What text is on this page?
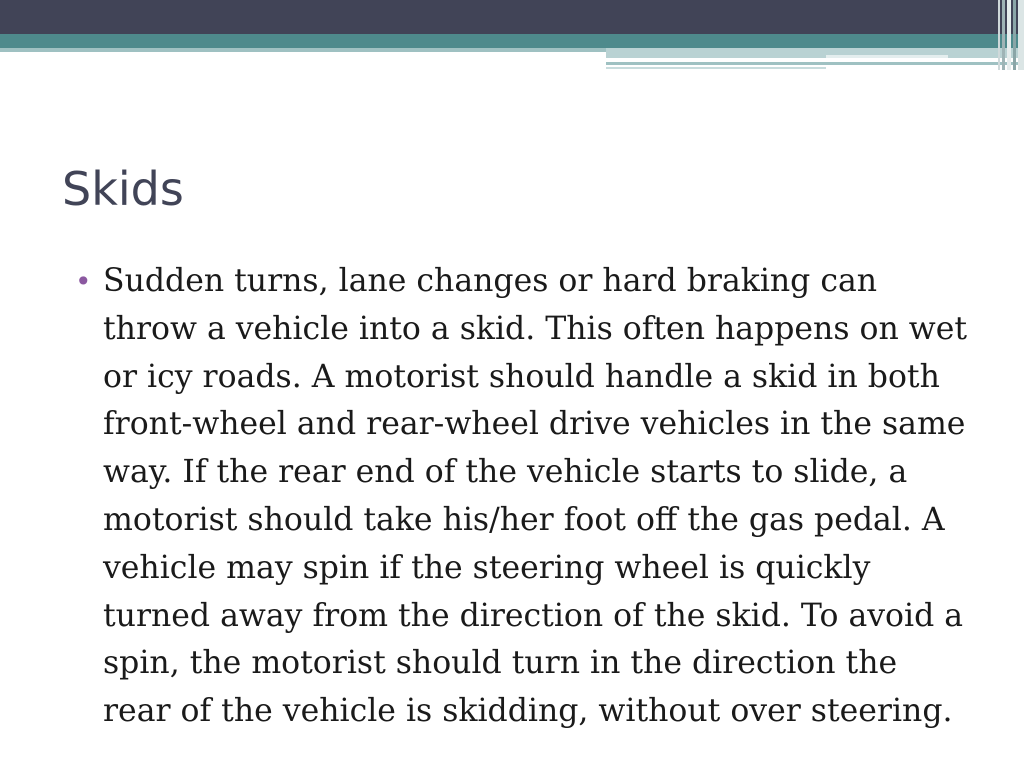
Skids
• Sudden turns, lane changes or hard braking can throw a vehicle into a skid. This often happens on wet or icy roads. A motorist should handle a skid in both front-wheel and rear-wheel drive vehicles in the same way. If the rear end of the vehicle starts to slide, a motorist should take his/her foot off the gas pedal. A vehicle may spin if the steering wheel is quickly turned away from the direction of the skid. To avoid a spin, the motorist should turn in the direction the rear of the vehicle is skidding, without over steering.
